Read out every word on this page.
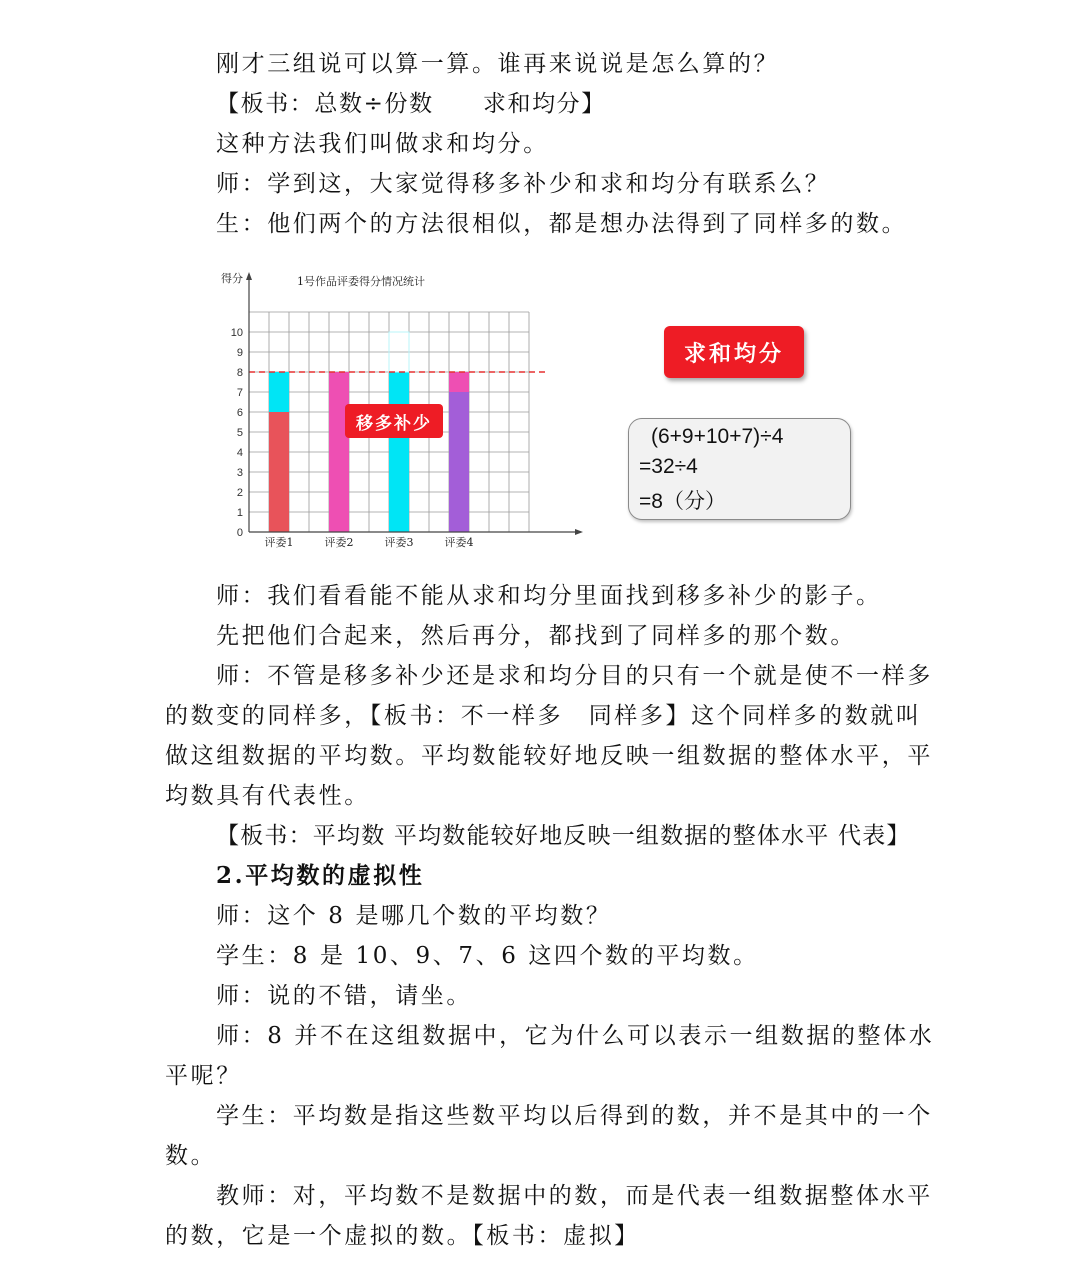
刚才三组说可以算一算。谁再来说说是怎么算的？
【板书：总数÷份数　　求和均分】
这种方法我们叫做求和均分。
师：学到这，大家觉得移多补少和求和均分有联系么？
生：他们两个的方法很相似，都是想办法得到了同样多的数。
得分	1号作品评委得分情况统计
0
1
2
3
4
5
6
7
8
9
10
评委1	评委2	评委3	评委4
移多补少
求和均分
(6+9+10+7)÷4
=32÷4
=8（分）
师：我们看看能不能从求和均分里面找到移多补少的影子。
先把他们合起来，然后再分，都找到了同样多的那个数。
师：不管是移多补少还是求和均分目的只有一个就是使不一样多
的数变的同样多，【板书：不一样多　同样多】这个同样多的数就叫
做这组数据的平均数。平均数能较好地反映一组数据的整体水平，平
均数具有代表性。
【板书：平均数 平均数能较好地反映一组数据的整体水平 代表】
2.平均数的虚拟性
师：这个 8 是哪几个数的平均数？
学生：8 是 10、9、7、6 这四个数的平均数。
师：说的不错，请坐。
师：8 并不在这组数据中，它为什么可以表示一组数据的整体水
平呢？
学生：平均数是指这些数平均以后得到的数，并不是其中的一个
数。
教师：对，平均数不是数据中的数，而是代表一组数据整体水平
的数，它是一个虚拟的数。【板书：虚拟】
